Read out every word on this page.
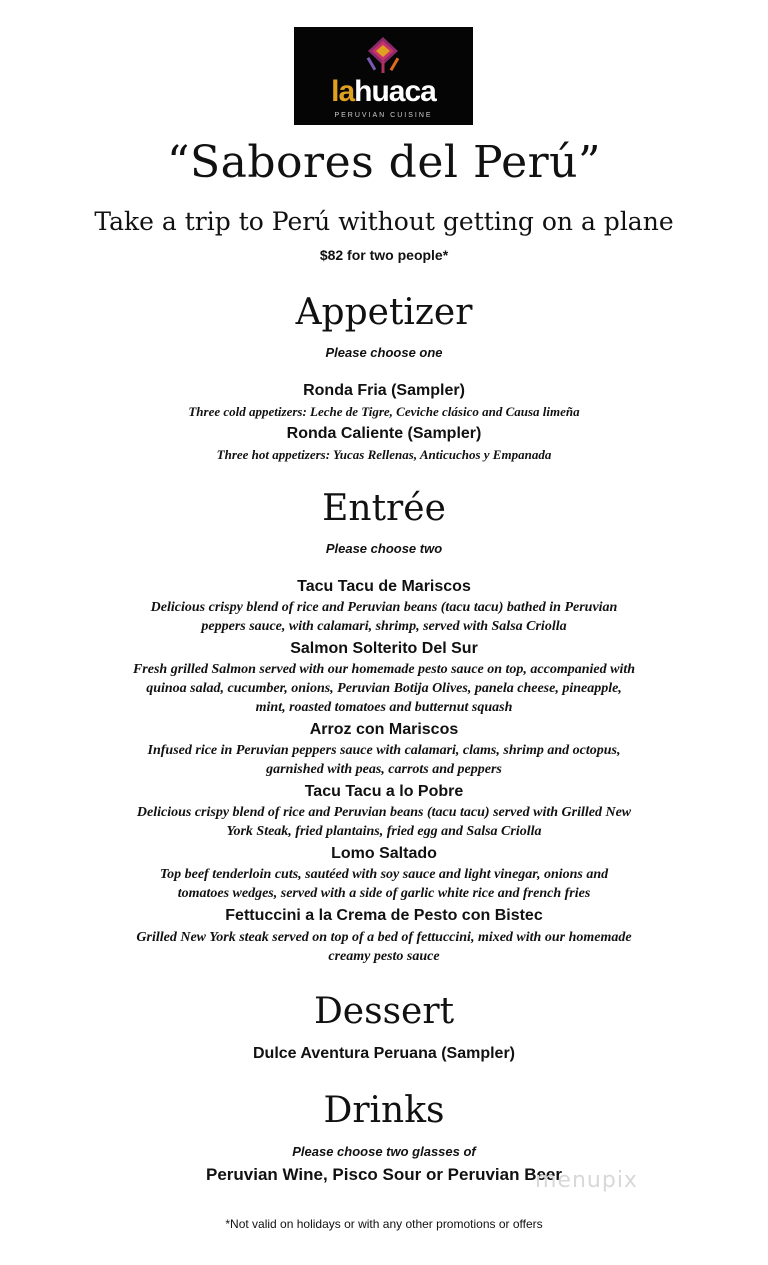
lahuaca
PERUVIAN CUISINE
“Sabores del Perú”
Take a trip to Perú without getting on a plane
$82 for two people*
Appetizer
Please choose one
Ronda Fria (Sampler)
Three cold appetizers: Leche de Tigre, Ceviche clásico and Causa limeña
Ronda Caliente (Sampler)
Three hot appetizers: Yucas Rellenas, Anticuchos y Empanada
Entrée
Please choose two
Tacu Tacu de Mariscos
Delicious crispy blend of rice and Peruvian beans (tacu tacu) bathed in Peruvian
peppers sauce, with calamari, shrimp, served with Salsa Criolla
Salmon Solterito Del Sur
Fresh grilled Salmon served with our homemade pesto sauce on top, accompanied with
quinoa salad, cucumber, onions, Peruvian Botija Olives, panela cheese, pineapple,
mint, roasted tomatoes and butternut squash
Arroz con Mariscos
Infused rice in Peruvian peppers sauce with calamari, clams, shrimp and octopus,
garnished with peas, carrots and peppers
Tacu Tacu a lo Pobre
Delicious crispy blend of rice and Peruvian beans (tacu tacu) served with Grilled New
York Steak, fried plantains, fried egg and Salsa Criolla
Lomo Saltado
Top beef tenderloin cuts, sautéed with soy sauce and light vinegar, onions and
tomatoes wedges, served with a side of garlic white rice and french fries
Fettuccini a la Crema de Pesto con Bistec
Grilled New York steak served on top of a bed of fettuccini, mixed with our homemade
creamy pesto sauce
Dessert
Dulce Aventura Peruana (Sampler)
Drinks
Please choose two glasses of
Peruvian Wine, Pisco Sour or Peruvian Beer
menupix
*Not valid on holidays or with any other promotions or offers
